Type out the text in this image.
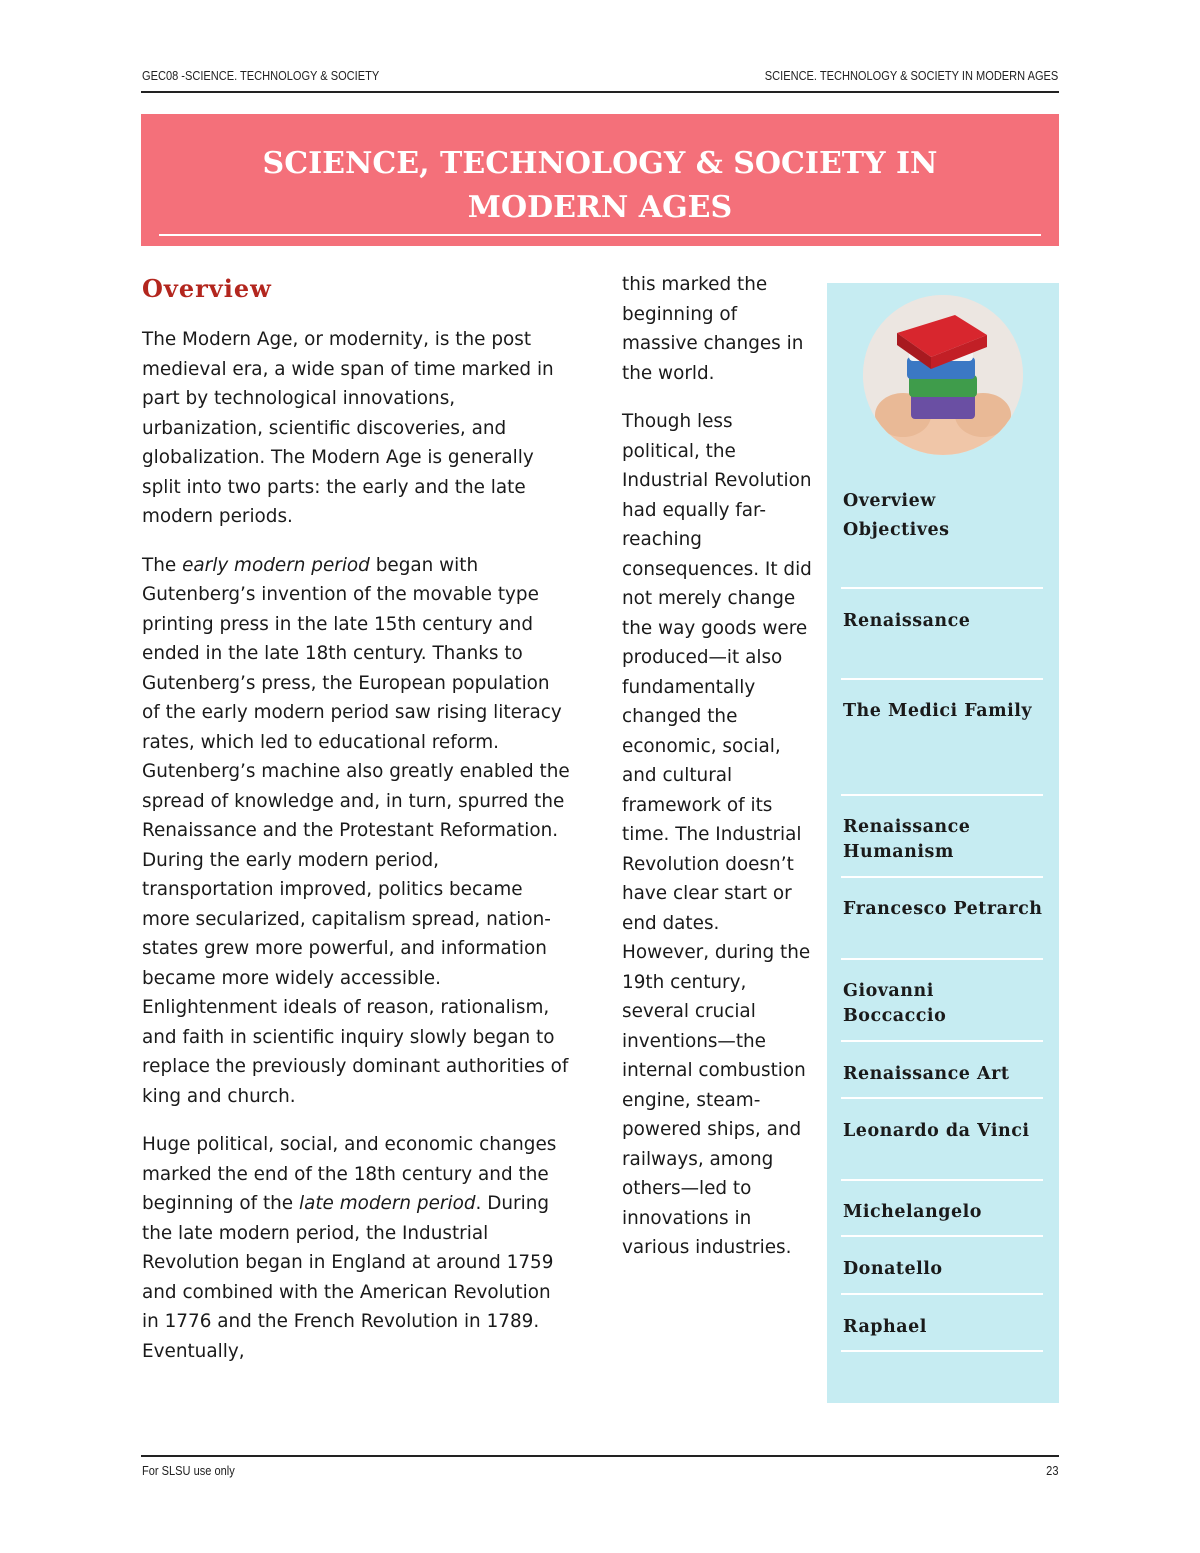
GEC08 -SCIENCE. TECHNOLOGY & SOCIETY	SCIENCE. TECHNOLOGY & SOCIETY IN MODERN AGES
SCIENCE, TECHNOLOGY & SOCIETY IN
MODERN AGES
Overview

The Modern Age, or modernity, is the post medieval era, a wide span of time marked in part by technological innovations, urbanization, scientific discoveries, and globalization. The Modern Age is generally split into two parts: the early and the late modern periods.

The early modern period began with Gutenberg’s invention of the movable type printing press in the late 15th century and ended in the late 18th century. Thanks to Gutenberg’s press, the European population of the early modern period saw rising literacy rates, which led to educational reform. Gutenberg’s machine also greatly enabled the spread of knowledge and, in turn, spurred the Renaissance and the Protestant Reformation. During the early modern period, transportation improved, politics became more secularized, capitalism spread, nation-states grew more powerful, and information became more widely accessible. Enlightenment ideals of reason, rationalism, and faith in scientific inquiry slowly began to replace the previously dominant authorities of king and church.

Huge political, social, and economic changes marked the end of the 18th century and the beginning of the late modern period. During the late modern period, the Industrial Revolution began in England at around 1759 and combined with the American Revolution in 1776 and the French Revolution in 1789. Eventually,

this marked the beginning of massive changes in the world.

Though less political, the Industrial Revolution had equally far-reaching consequences. It did not merely change the way goods were produced—it also fundamentally changed the economic, social, and cultural framework of its time. The Industrial Revolution doesn’t have clear start or end dates. However, during the 19th century, several crucial inventions—the internal combustion engine, steam-powered ships, and railways, among others—led to innovations in various industries.

Overview
Objectives
Renaissance
The Medici Family
Renaissance Humanism
Francesco Petrarch
Giovanni Boccaccio
Renaissance Art
Leonardo da Vinci
Michelangelo
Donatello
Raphael
For SLSU use only	23
